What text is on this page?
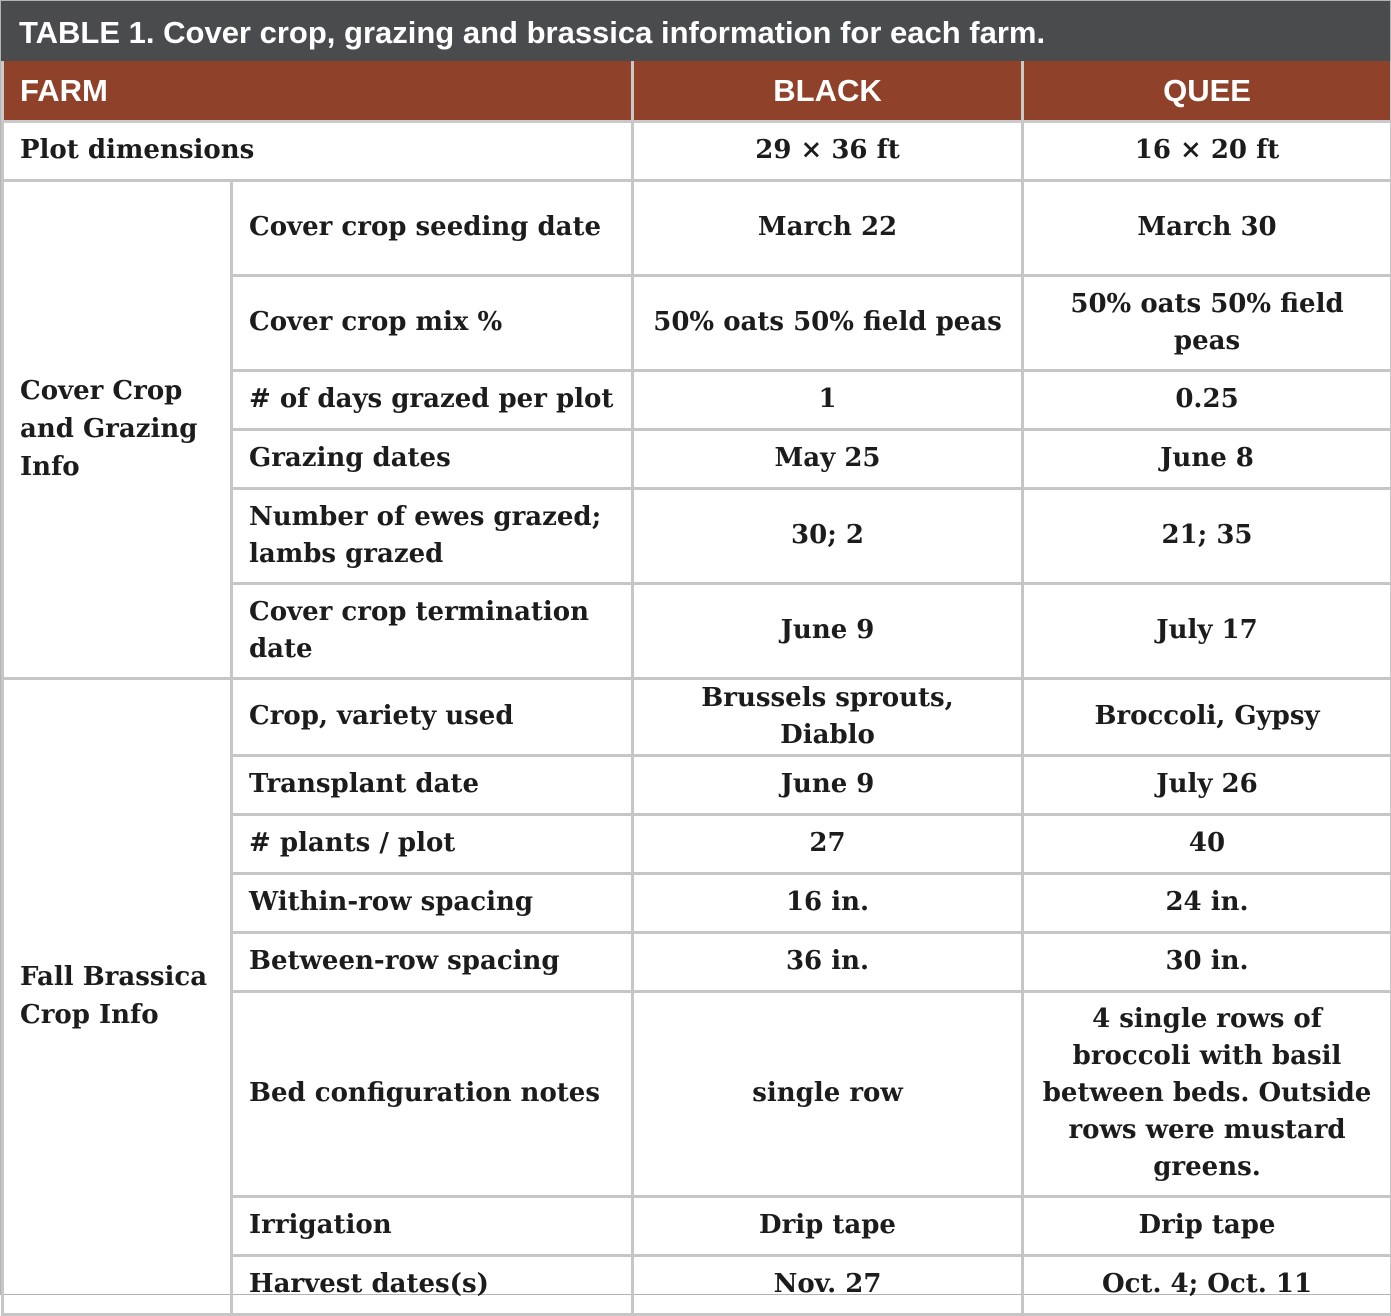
TABLE 1. Cover crop, grazing and brassica information for each farm.
FARM		BLACK	QUEE
Plot dimensions		29 × 36 ft	16 × 20 ft
Cover Crop and Grazing Info	Cover crop seeding date	March 22	March 30
	Cover crop mix %	50% oats 50% field peas	50% oats 50% field peas
	# of days grazed per plot	1	0.25
	Grazing dates	May 25	June 8
	Number of ewes grazed; lambs grazed	30; 2	21; 35
	Cover crop termination date	June 9	July 17
Fall Brassica Crop Info	Crop, variety used	Brussels sprouts, Diablo	Broccoli, Gypsy
	Transplant date	June 9	July 26
	# plants / plot	27	40
	Within-row spacing	16 in.	24 in.
	Between-row spacing	36 in.	30 in.
	Bed configuration notes	single row	4 single rows of broccoli with basil between beds. Outside rows were mustard greens.
	Irrigation	Drip tape	Drip tape
	Harvest dates(s)	Nov. 27	Oct. 4; Oct. 11
